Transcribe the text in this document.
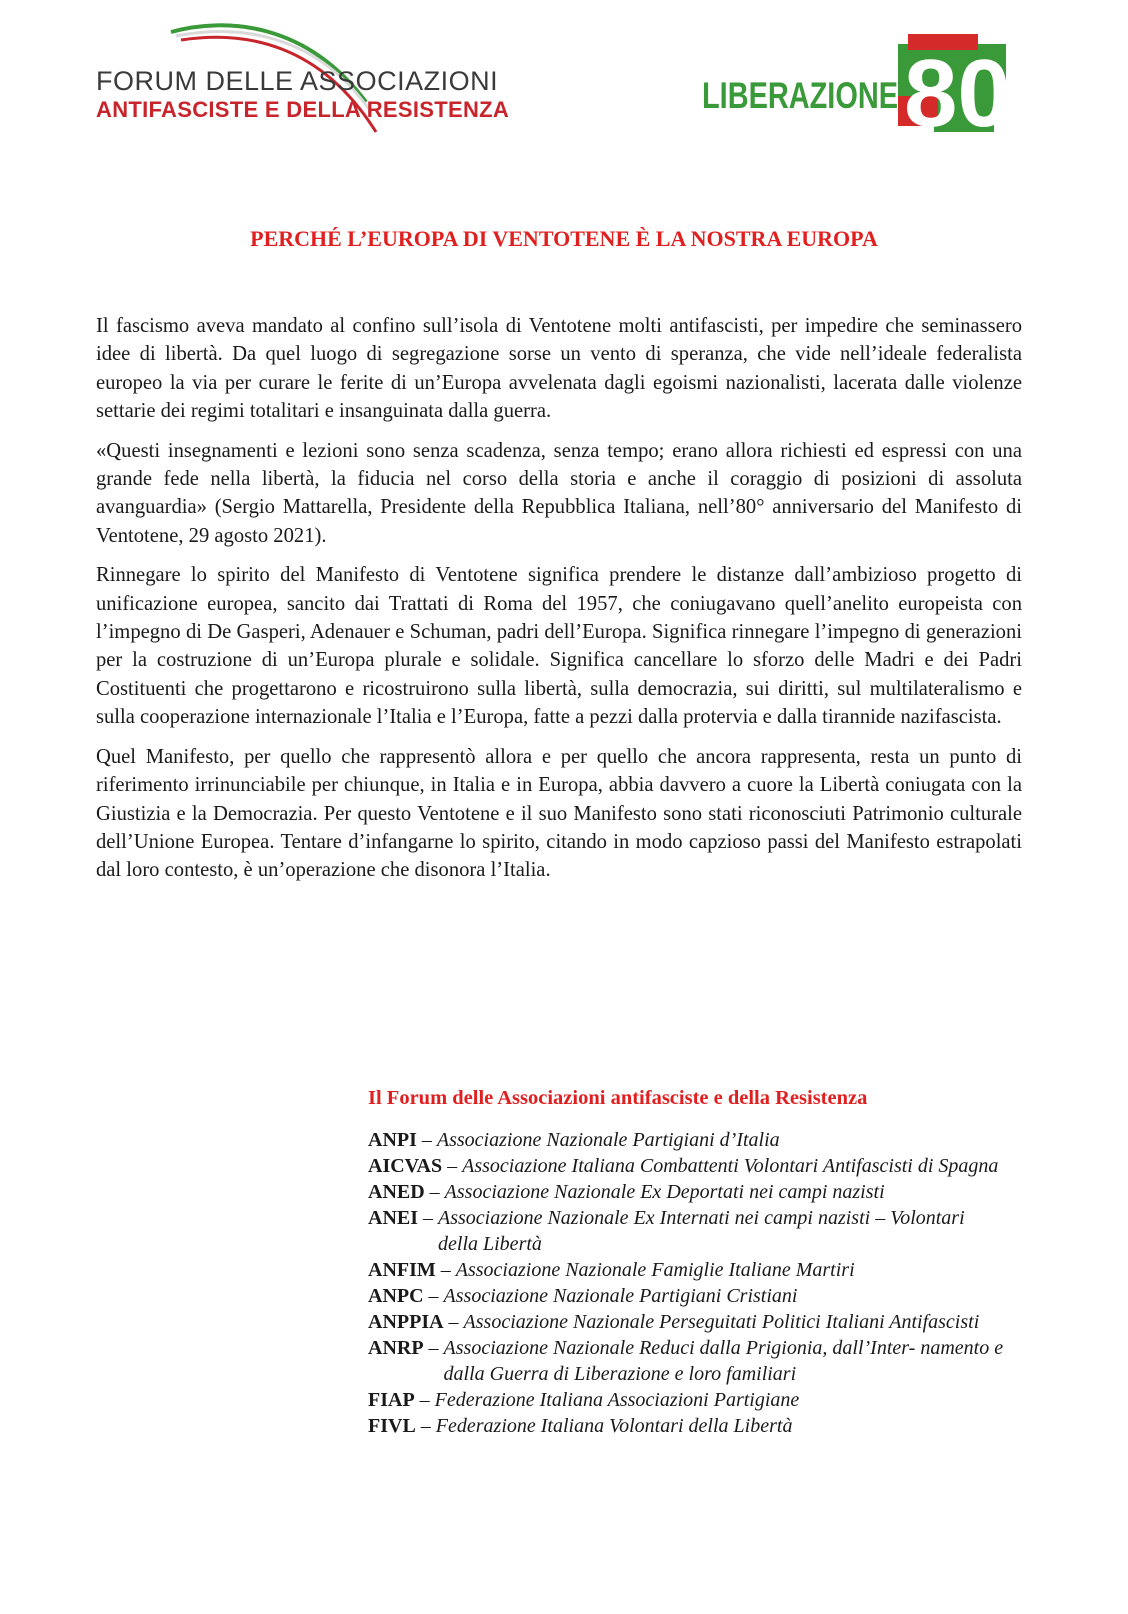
FORUM DELLE ASSOCIAZIONI
ANTIFASCISTE E DELLA RESISTENZA	80
LIBERAZIONE
PERCHÉ L’EUROPA DI VENTOTENE È LA NOSTRA EUROPA

Il fascismo aveva mandato al confino sull’isola di Ventotene molti antifascisti, per impedire che seminassero idee di libertà. Da quel luogo di segregazione sorse un vento di speranza, che vide nell’ideale federalista europeo la via per curare le ferite di un’Europa avvelenata dagli egoismi nazionalisti, lacerata dalle violenze settarie dei regimi totalitari e insanguinata dalla guerra.

«Questi insegnamenti e lezioni sono senza scadenza, senza tempo; erano allora richiesti ed espressi con una grande fede nella libertà, la fiducia nel corso della storia e anche il coraggio di posizioni di assoluta avanguardia» (Sergio Mattarella, Presidente della Repubblica Italiana, nell’80° anniversario del Manifesto di Ventotene, 29 agosto 2021).

Rinnegare lo spirito del Manifesto di Ventotene significa prendere le distanze dall’ambizioso progetto di unificazione europea, sancito dai Trattati di Roma del 1957, che coniugavano quell’anelito europeista con l’impegno di De Gasperi, Adenauer e Schuman, padri dell’Europa. Significa rinnegare l’impegno di generazioni per la costruzione di un’Europa plurale e solidale. Significa cancellare lo sforzo delle Madri e dei Padri Costituenti che progettarono e ricostruirono sulla libertà, sulla democrazia, sui diritti, sul multilateralismo e sulla cooperazione internazionale l’Italia e l’Europa, fatte a pezzi dalla protervia e dalla tirannide nazifascista.

Quel Manifesto, per quello che rappresentò allora e per quello che ancora rappresenta, resta un punto di riferimento irrinunciabile per chiunque, in Italia e in Europa, abbia davvero a cuore la Libertà coniugata con la Giustizia e la Democrazia. Per questo Ventotene e il suo Manifesto sono stati riconosciuti Patrimonio culturale dell’Unione Europea. Tentare d’infangarne lo spirito, citando in modo capzioso passi del Manifesto estrapolati dal loro contesto, è un’operazione che disonora l’Italia.

Il Forum delle Associazioni antifasciste e della Resistenza
ANPI – Associazione Nazionale Partigiani d’Italia
AICVAS – Associazione Italiana Combattenti Volontari Antifascisti di Spagna
ANED – Associazione Nazionale Ex Deportati nei campi nazisti
ANEI – Associazione Nazionale Ex Internati nei campi nazisti – Volontari della Libertà
ANFIM – Associazione Nazionale Famiglie Italiane Martiri
ANPC – Associazione Nazionale Partigiani Cristiani
ANPPIA – Associazione Nazionale Perseguitati Politici Italiani Antifascisti
ANRP – Associazione Nazionale Reduci dalla Prigionia, dall’Inter- namento e dalla Guerra di Liberazione e loro familiari
FIAP – Federazione Italiana Associazioni Partigiane
FIVL – Federazione Italiana Volontari della Libertà
